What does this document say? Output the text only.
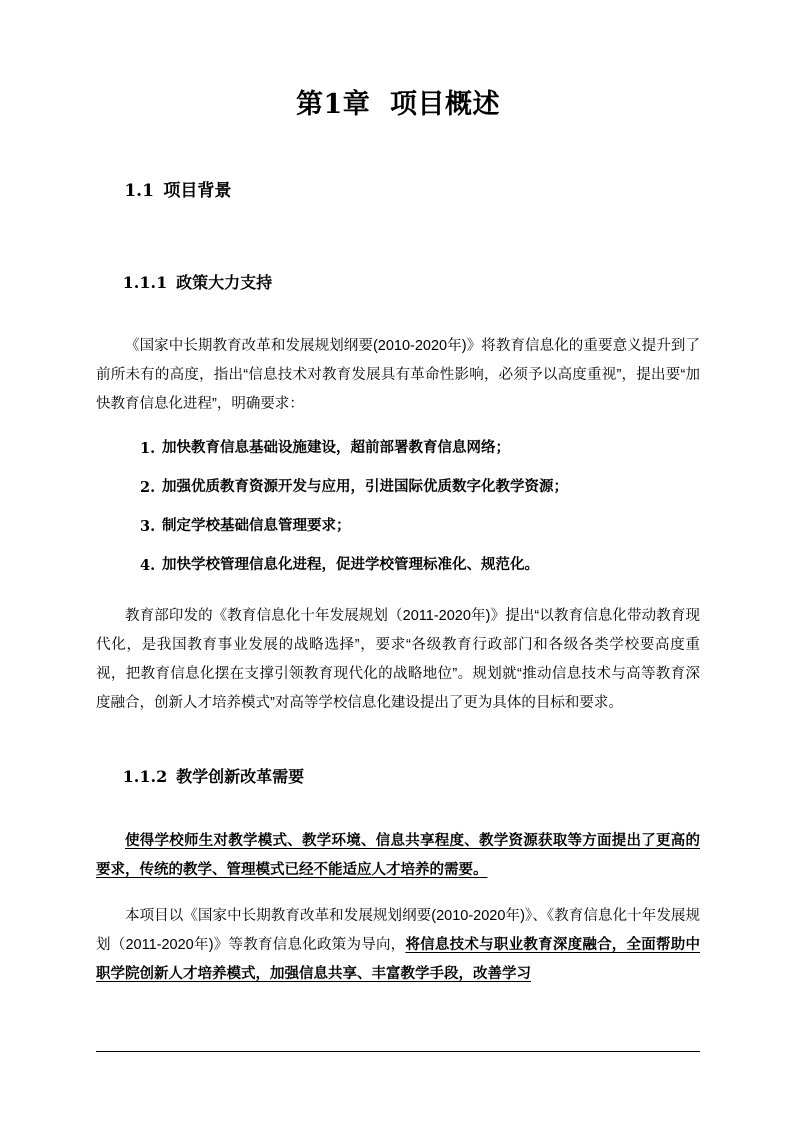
第1章  项目概述

1.1 项目背景

1.1.1 政策大力支持

《国家中长期教育改革和发展规划纲要(2010-2020年)》将教育信息化的重要意义提升到了前所未有的高度，指出“信息技术对教育发展具有革命性影响，必须予以高度重视”，提出要“加快教育信息化进程”，明确要求：

1. 加快教育信息基础设施建设，超前部署教育信息网络；
2. 加强优质教育资源开发与应用，引进国际优质数字化教学资源；
3. 制定学校基础信息管理要求；
4. 加快学校管理信息化进程，促进学校管理标准化、规范化。

教育部印发的《教育信息化十年发展规划（2011-2020年)》提出“以教育信息化带动教育现代化，是我国教育事业发展的战略选择”，要求“各级教育行政部门和各级各类学校要高度重视，把教育信息化摆在支撑引领教育现代化的战略地位”。规划就“推动信息技术与高等教育深度融合，创新人才培养模式”对高等学校信息化建设提出了更为具体的目标和要求。

1.1.2 教学创新改革需要

使得学校师生对教学模式、教学环境、信息共享程度、教学资源获取等方面提出了更高的要求，传统的教学、管理模式已经不能适应人才培养的需要。

本项目以《国家中长期教育改革和发展规划纲要(2010-2020年)》、《教育信息化十年发展规划（2011-2020年)》等教育信息化政策为导向，将信息技术与职业教育深度融合，全面帮助中职学院创新人才培养模式，加强信息共享、丰富教学手段，改善学习
